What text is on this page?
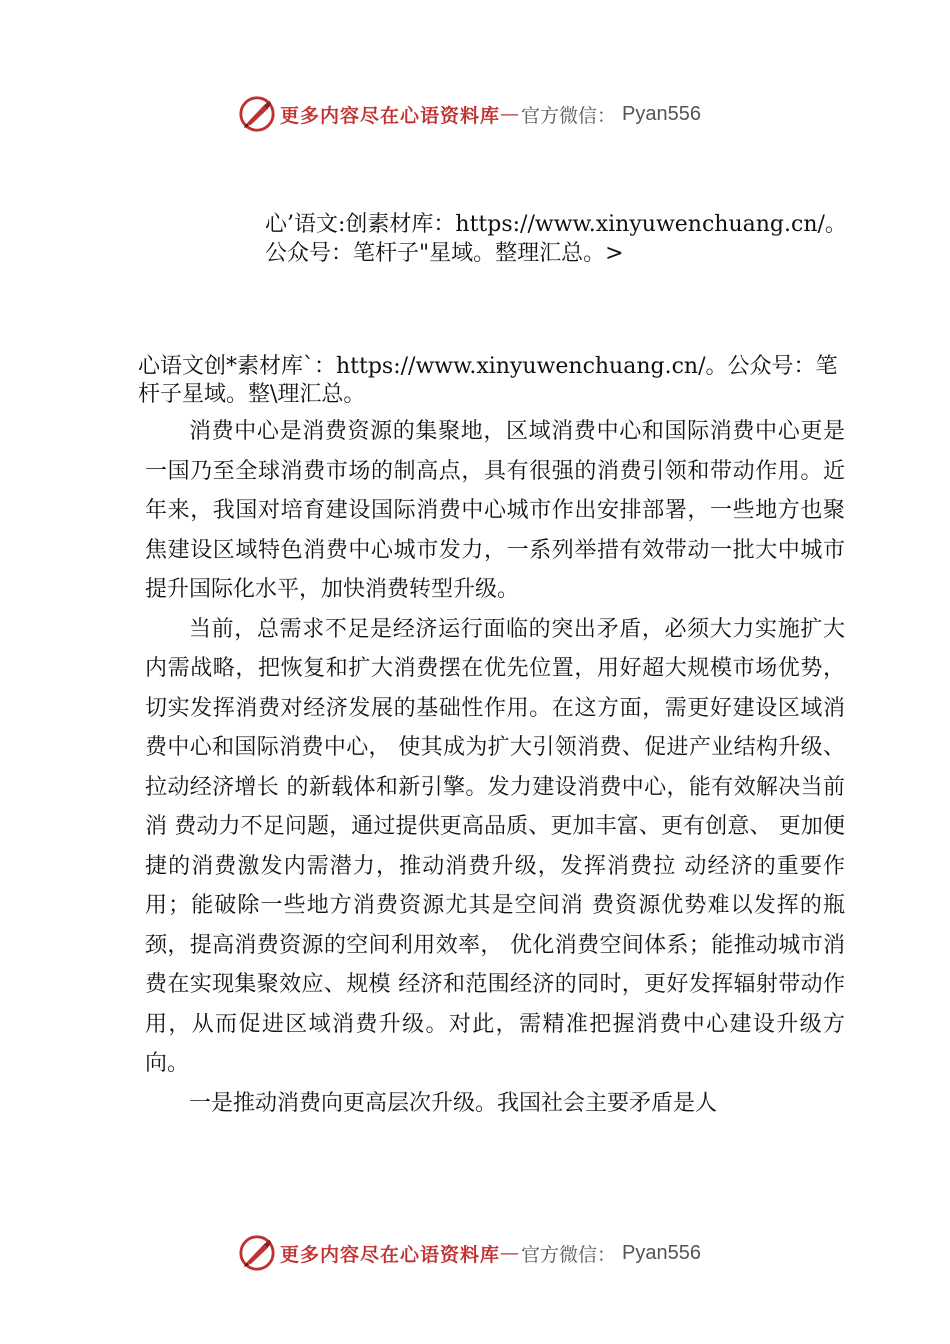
更多内容尽在心语资料库 — 官方微信： Pyan556
心’语文:创素材库：https://www.xinyuwenchuang.cn/。公众号：笔杆子"星域。整理汇总。>
心语文创*素材库`：https://www.xinyuwenchuang.cn/。公众号：笔杆子星域。整\理汇总。

消费中心是消费资源的集聚地，区域消费中心和国际消费中心更是一国乃至全球消费市场的制高点，具有很强的消费引领和带动作用。近年来，我国对培育建设国际消费中心城市作出安排部署，一些地方也聚焦建设区域特色消费中心城市发力，一系列举措有效带动一批大中城市提升国际化水平，加快消费转型升级。

当前，总需求不足是经济运行面临的突出矛盾，必须大力实施扩大内需战略，把恢复和扩大消费摆在优先位置，用好超大规模市场优势，切实发挥消费对经济发展的基础性作用。在这方面，需更好建设区域消费中心和国际消费中心， 使其成为扩大引领消费、促进产业结构升级、拉动经济增长 的新载体和新引擎。发力建设消费中心，能有效解决当前消 费动力不足问题，通过提供更高品质、更加丰富、更有创意、 更加便捷的消费激发内需潜力，推动消费升级，发挥消费拉 动经济的重要作用；能破除一些地方消费资源尤其是空间消 费资源优势难以发挥的瓶颈，提高消费资源的空间利用效率， 优化消费空间体系；能推动城市消费在实现集聚效应、规模 经济和范围经济的同时，更好发挥辐射带动作用，从而促进区域消费升级。对此，需精准把握消费中心建设升级方向。

一是推动消费向更高层次升级。我国社会主要矛盾是人

更多内容尽在心语资料库 — 官方微信： Pyan556
